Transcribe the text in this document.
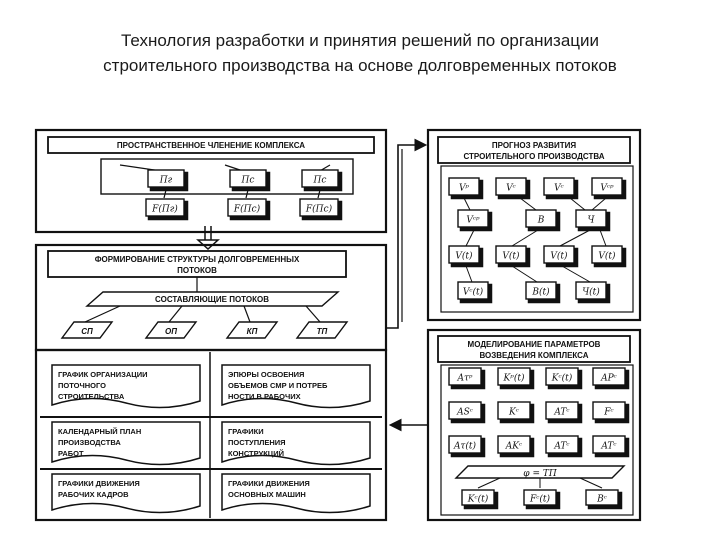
Технология разработки и принятия решений по организации
строительного производства на основе долговременных потоков
ПРОСТРАНСТВЕННОЕ ЧЛЕНЕНИЕ КОМПЛЕКСА
Пг	Пс	Пс
F(Пг)	F(Пс)	F(Пс)
ФОРМИРОВАНИЕ СТРУКТУРЫ ДОЛГОВРЕМЕННЫХ
ПОТОКОВ
СОСТАВЛЯЮЩИЕ ПОТОКОВ
СП	ОП	КП	ТП
ГРАФИК ОРГАНИЗАЦИИ
ПОТОЧНОГО
СТРОИТЕЛЬСТВА
ЭПЮРЫ ОСВОЕНИЯ
ОБЪЕМОВ СМР И ПОТРЕБ
НОСТИ В РАБОЧИХ
КАЛЕНДАРНЫЙ ПЛАН
ПРОИЗВОДСТВА
РАБОТ
ГРАФИКИ
ПОСТУПЛЕНИЯ
КОНСТРУКЦИЙ
ГРАФИКИ ДВИЖЕНИЯ
РАБОЧИХ КАДРОВ
ГРАФИКИ ДВИЖЕНИЯ
ОСНОВНЫХ МАШИН
ПРОГНОЗ РАЗВИТИЯ
СТРОИТЕЛЬНОГО ПРОИЗВОДСТВА
Vᵖ	Vᶜ	Vᶜ	Vᶜᵖ
Vᶜᵖ	В	Ч
V(t)	V(t)	V(t)	V(t)
Vᶜ(t)	В(t)	Ч(t)
МОДЕЛИРОВАНИЕ ПАРАМЕТРОВ
ВОЗВЕДЕНИЯ КОМПЛЕКСА
Aτᵖ	Kᵖ(t)	Kᶜ(t)	APᶜ
ASᶜ	Kᶜ	ATᶜ	Fᶜ
Aτ(t)	AKᶜ	ATᶜ	ATᶜ
φ = TП
Kᶜ(t)	Fᶜ(t)	Bᶜ
